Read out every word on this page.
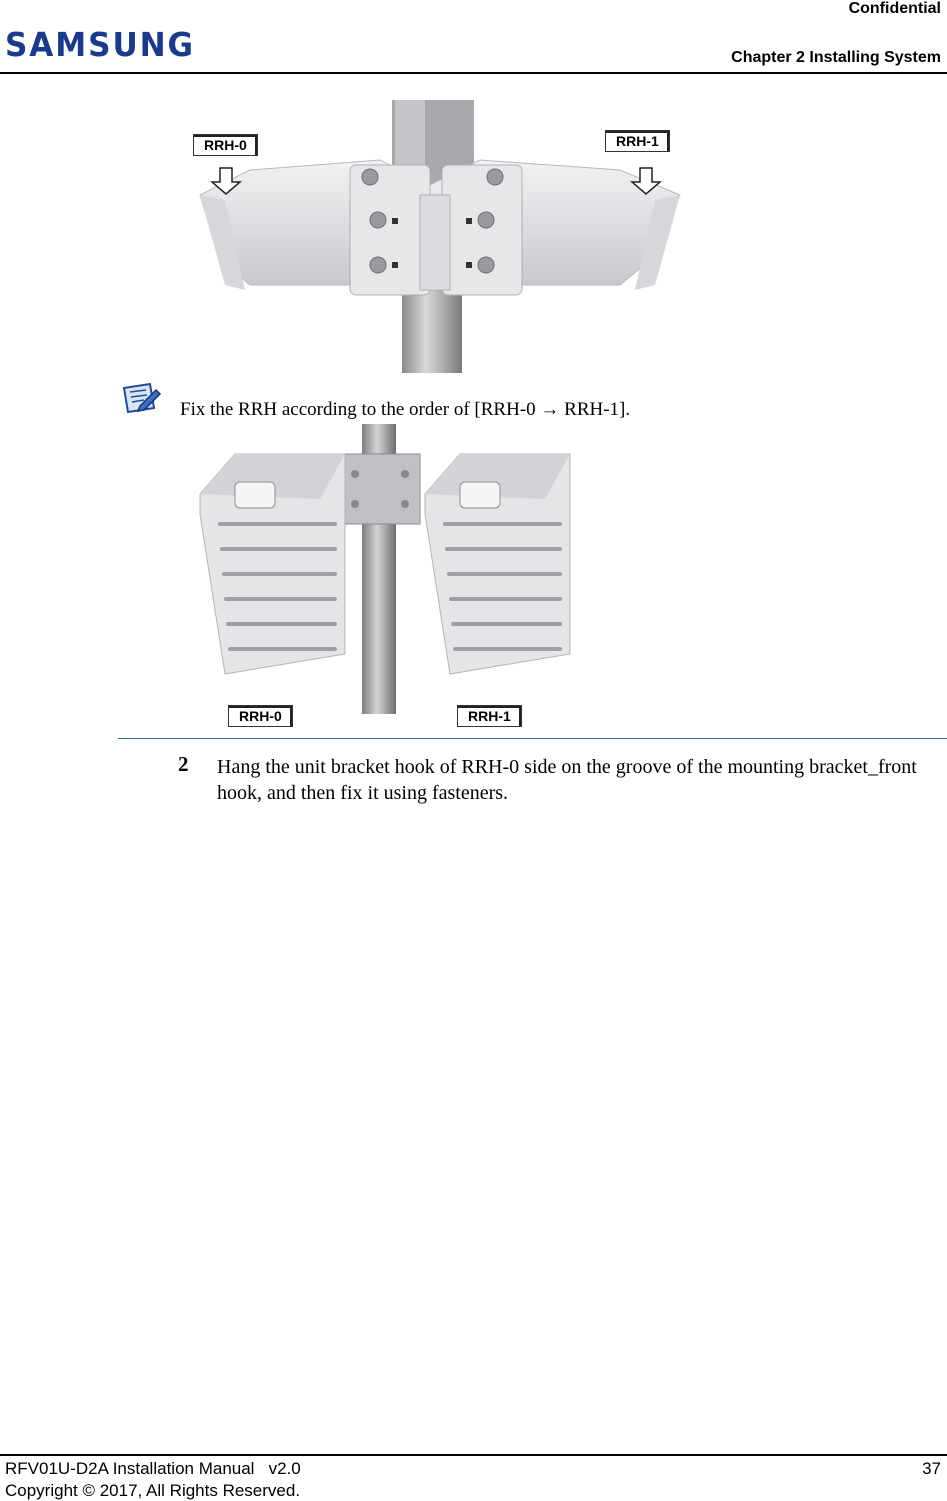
Confidential
SAMSUNG	Chapter 2 Installing System
RRH-0	RRH-1
Fix the RRH according to the order of [RRH-0 → RRH-1].
RRH-0	RRH-1
2 Hang the unit bracket hook of RRH-0 side on the groove of the mounting bracket_front hook, and then fix it using fasteners.
RFV01U-D2A Installation Manual   v2.0	37
Copyright © 2017, All Rights Reserved.
